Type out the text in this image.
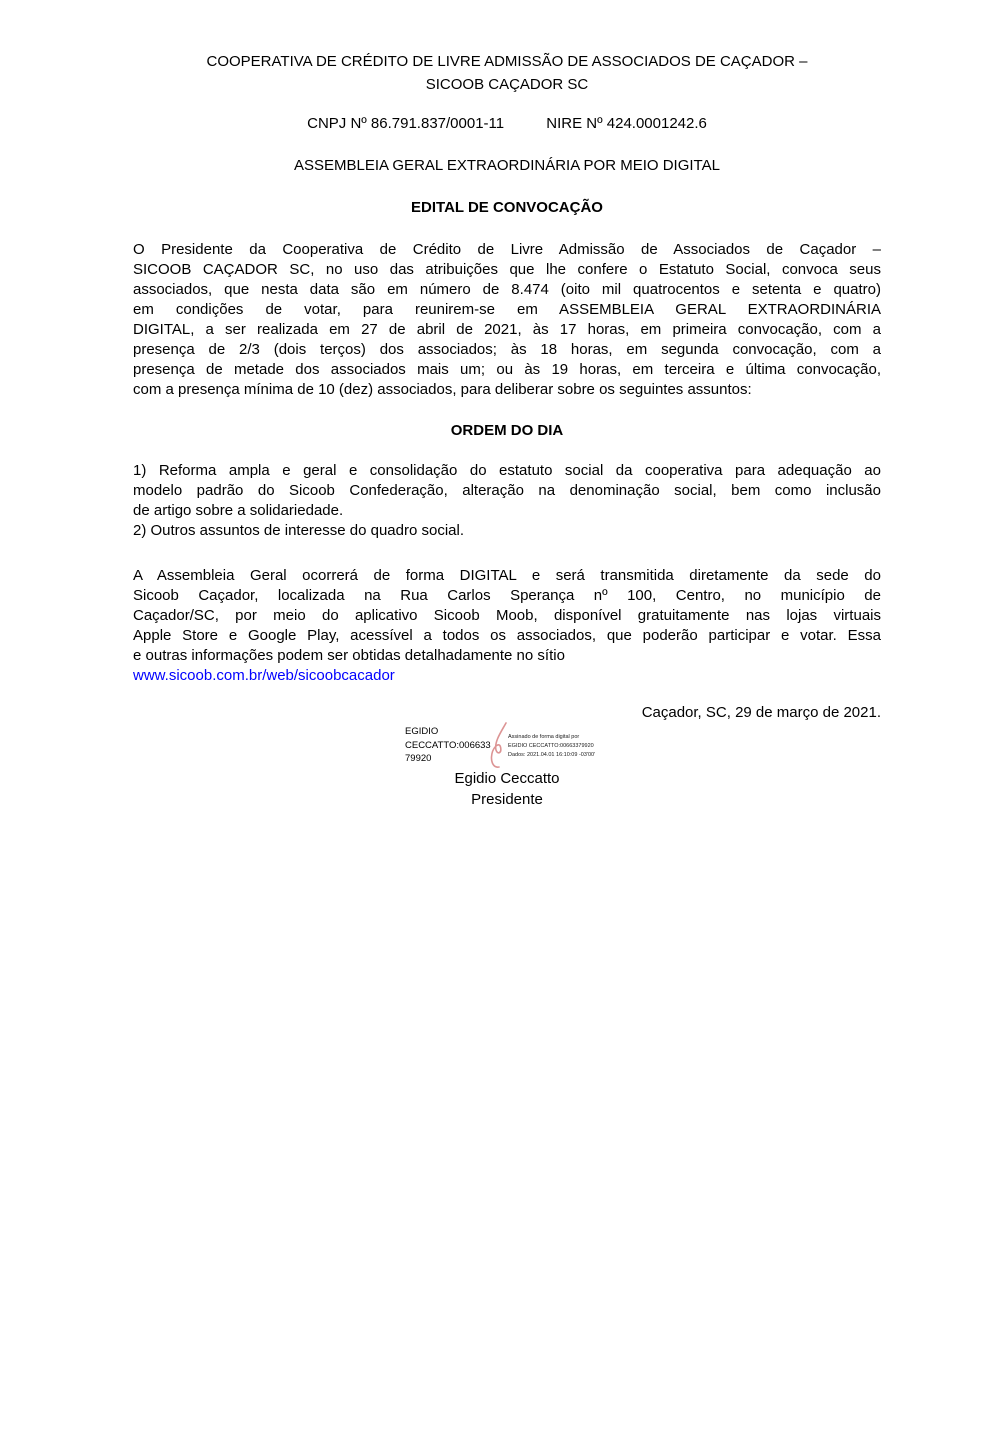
COOPERATIVA DE CRÉDITO DE LIVRE ADMISSÃO DE ASSOCIADOS DE CAÇADOR –
SICOOB CAÇADOR SC
CNPJ Nº 86.791.837/0001-11	NIRE Nº 424.0001242.6
ASSEMBLEIA GERAL EXTRAORDINÁRIA POR MEIO DIGITAL
EDITAL DE CONVOCAÇÃO
O Presidente da Cooperativa de Crédito de Livre Admissão de Associados de Caçador –
SICOOB CAÇADOR SC, no uso das atribuições que lhe confere o Estatuto Social, convoca seus
associados, que nesta data são em número de 8.474 (oito mil quatrocentos e setenta e quatro)
em condições de votar, para reunirem-se em ASSEMBLEIA GERAL EXTRAORDINÁRIA
DIGITAL, a ser realizada em 27 de abril de 2021, às 17 horas, em primeira convocação, com a
presença de 2/3 (dois terços) dos associados; às 18 horas, em segunda convocação, com a
presença de metade dos associados mais um; ou às 19 horas, em terceira e última convocação,
com a presença mínima de 10 (dez) associados, para deliberar sobre os seguintes assuntos:
ORDEM DO DIA
1) Reforma ampla e geral e consolidação do estatuto social da cooperativa para adequação ao
modelo padrão do Sicoob Confederação, alteração na denominação social, bem como inclusão
de artigo sobre a solidariedade.
2) Outros assuntos de interesse do quadro social.
A Assembleia Geral ocorrerá de forma DIGITAL e será transmitida diretamente da sede do
Sicoob Caçador, localizada na Rua Carlos Sperança nº 100, Centro, no município de
Caçador/SC, por meio do aplicativo Sicoob Moob, disponível gratuitamente nas lojas virtuais
Apple Store e Google Play, acessível a todos os associados, que poderão participar e votar. Essa
e outras informações podem ser obtidas detalhadamente no sítio
www.sicoob.com.br/web/sicoobcacador
Caçador, SC, 29 de março de 2021.
EGIDIO
CECCATTO:006633
79920
Assinado de forma digital por
EGIDIO CECCATTO:00663379920
Dados: 2021.04.01 16:10:09 -03'00'
Egidio Ceccatto
Presidente
